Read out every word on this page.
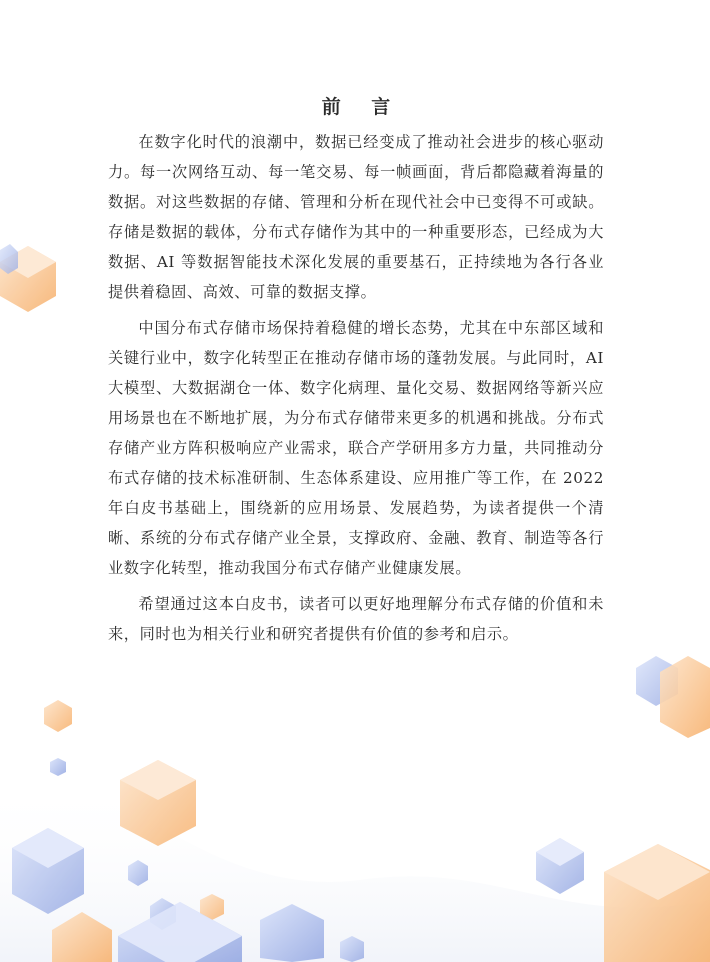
前 言

在数字化时代的浪潮中，数据已经变成了推动社会进步的核心驱动力。每一次网络互动、每一笔交易、每一帧画面，背后都隐藏着海量的数据。对这些数据的存储、管理和分析在现代社会中已变得不可或缺。存储是数据的载体，分布式存储作为其中的一种重要形态，已经成为大数据、AI 等数据智能技术深化发展的重要基石，正持续地为各行各业提供着稳固、高效、可靠的数据支撑。

中国分布式存储市场保持着稳健的增长态势，尤其在中东部区域和关键行业中，数字化转型正在推动存储市场的蓬勃发展。与此同时，AI 大模型、大数据湖仓一体、数字化病理、量化交易、数据网络等新兴应用场景也在不断地扩展，为分布式存储带来更多的机遇和挑战。分布式存储产业方阵积极响应产业需求，联合产学研用多方力量，共同推动分布式存储的技术标准研制、生态体系建设、应用推广等工作，在 2022 年白皮书基础上，围绕新的应用场景、发展趋势，为读者提供一个清晰、系统的分布式存储产业全景，支撑政府、金融、教育、制造等各行业数字化转型，推动我国分布式存储产业健康发展。

希望通过这本白皮书，读者可以更好地理解分布式存储的价值和未来，同时也为相关行业和研究者提供有价值的参考和启示。
